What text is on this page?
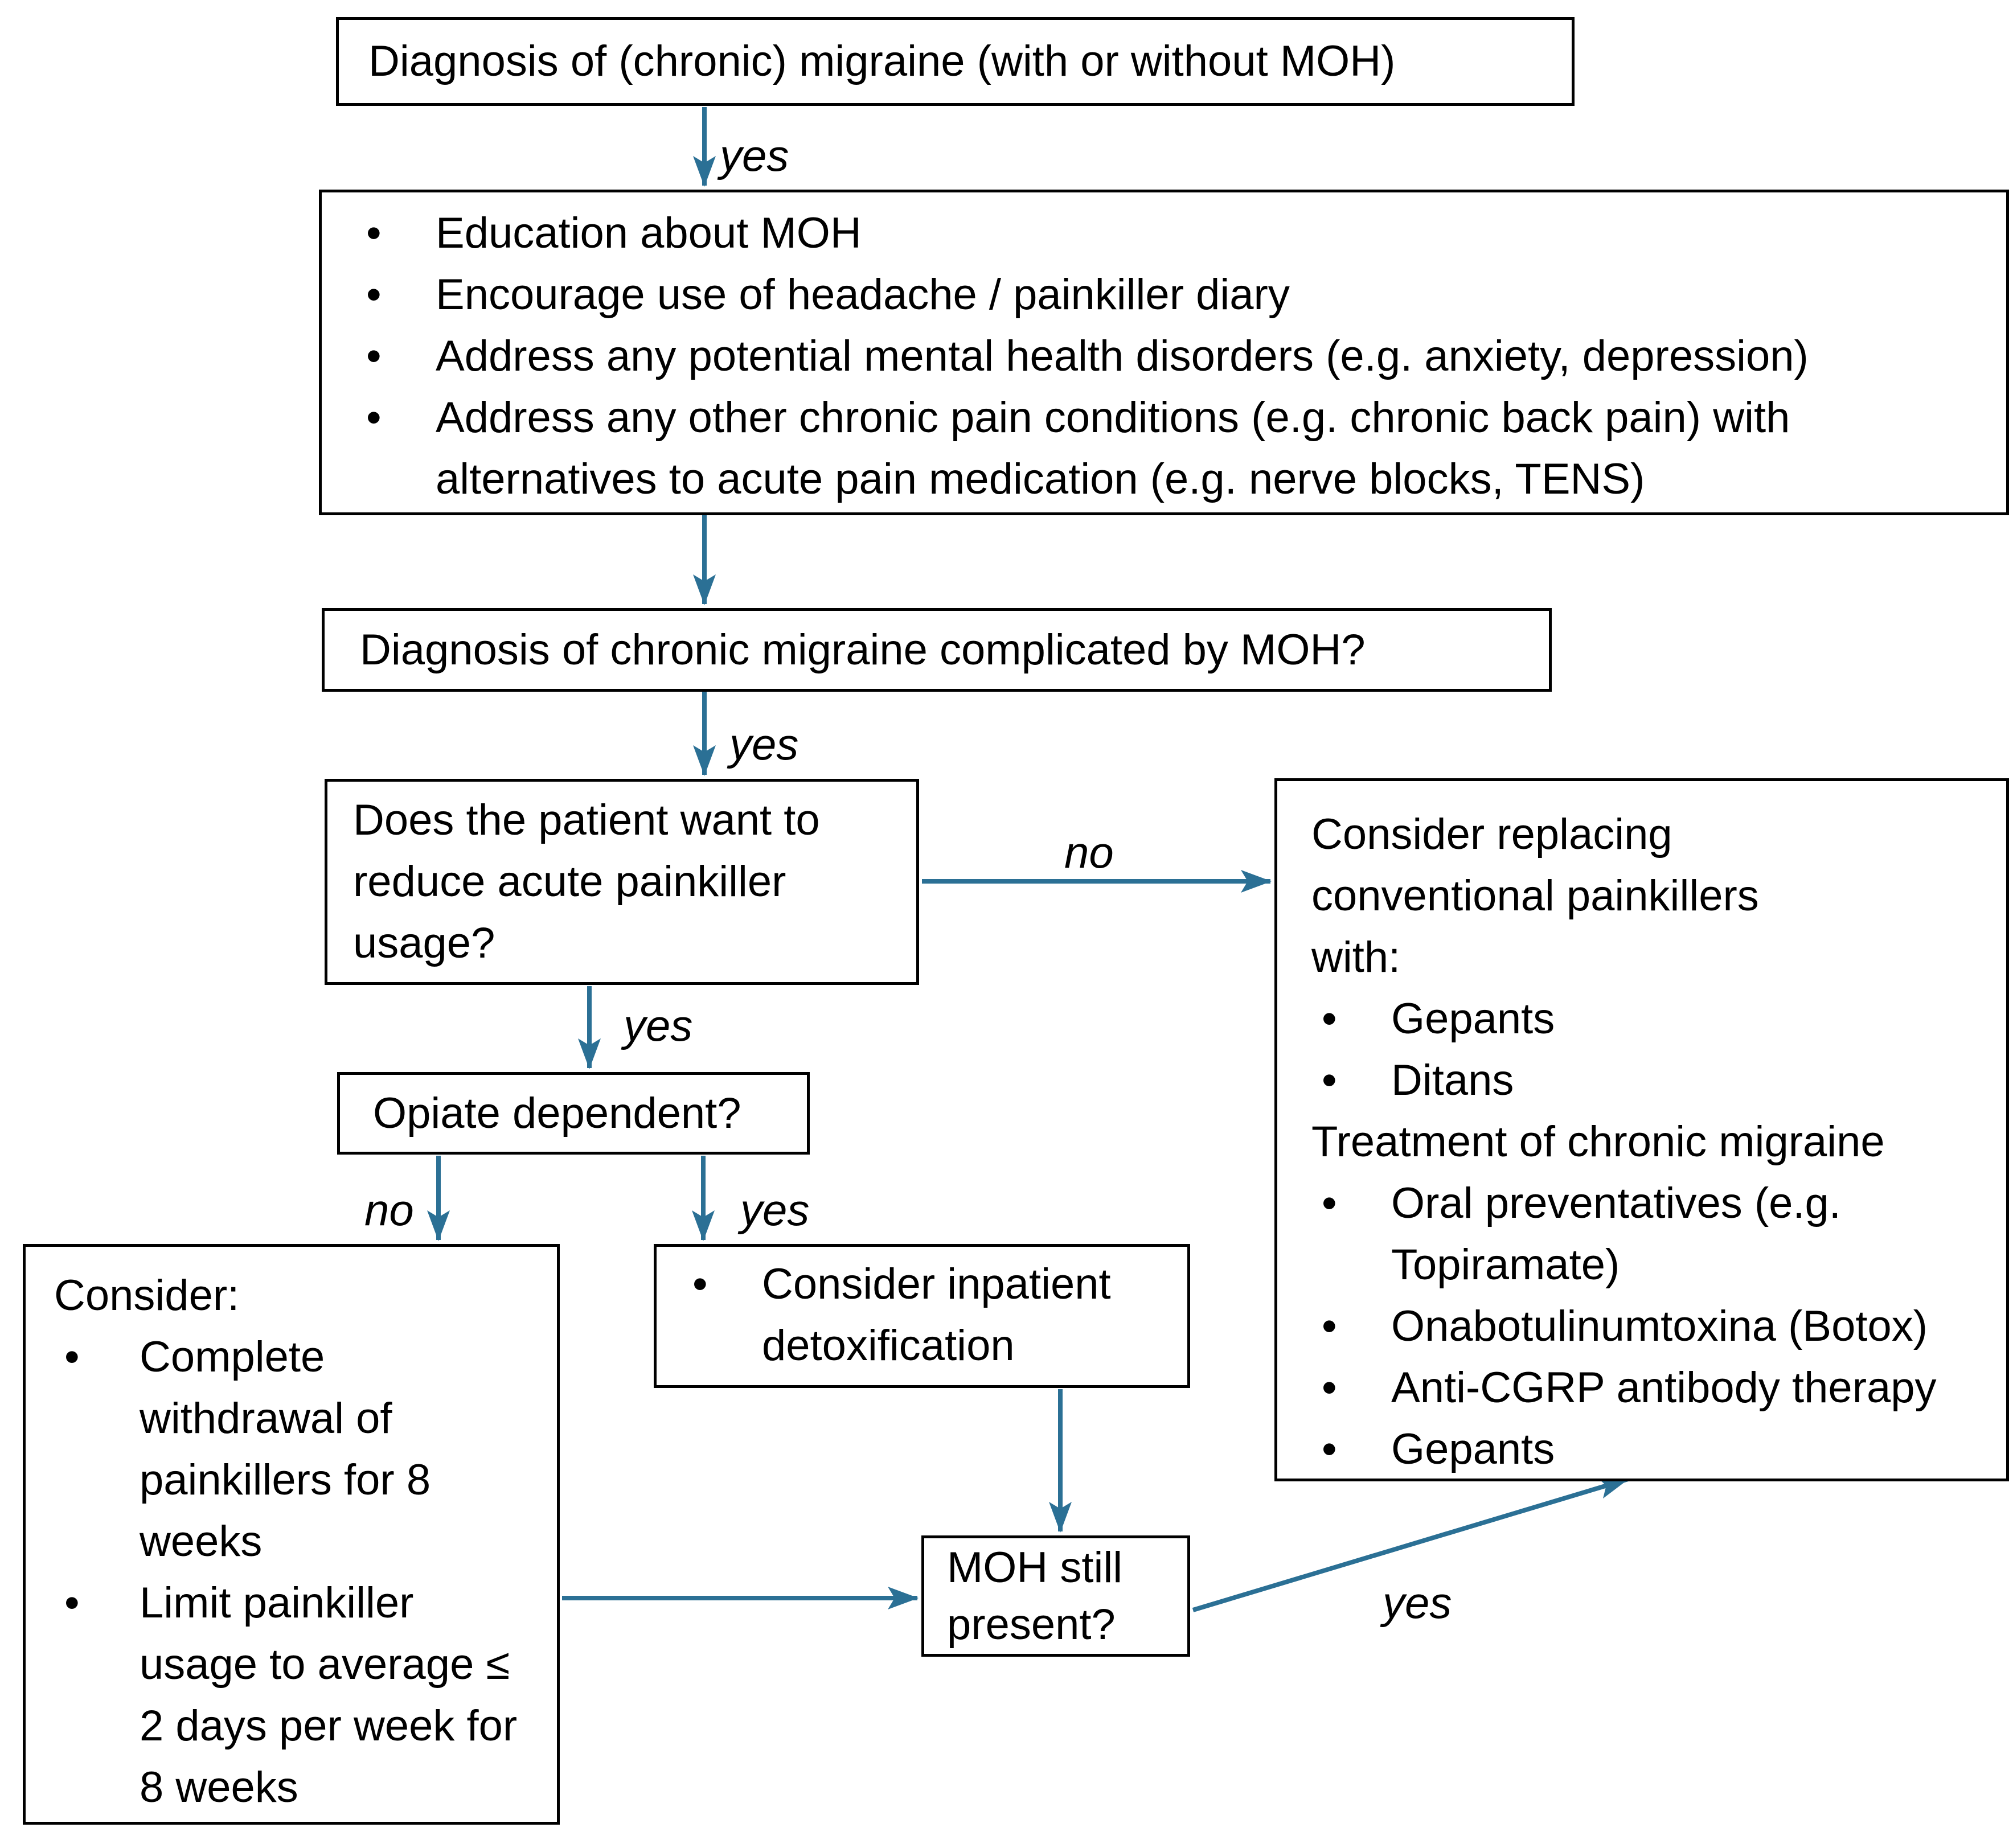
Diagnosis of (chronic) migraine (with or without MOH)
• Education about MOH
• Encourage use of headache / painkiller diary
• Address any potential mental health disorders (e.g. anxiety, depression)
• Address any other chronic pain conditions (e.g. chronic back pain) with alternatives to acute pain medication (e.g. nerve blocks, TENS)
Diagnosis of chronic migraine complicated by MOH?
Does the patient want to reduce acute painkiller usage?
Consider replacing conventional painkillers with:
• Gepants
• Ditans
Treatment of chronic migraine
• Oral preventatives (e.g. Topiramate)
• Onabotulinumtoxina (Botox)
• Anti-CGRP antibody therapy
• Gepants
Opiate dependent?
Consider:
• Complete withdrawal of painkillers for 8 weeks
• Limit painkiller usage to average ≤ 2 days per week for 8 weeks
• Consider inpatient detoxification
MOH still present?
yes
yes
no
yes
no	yes
yes
